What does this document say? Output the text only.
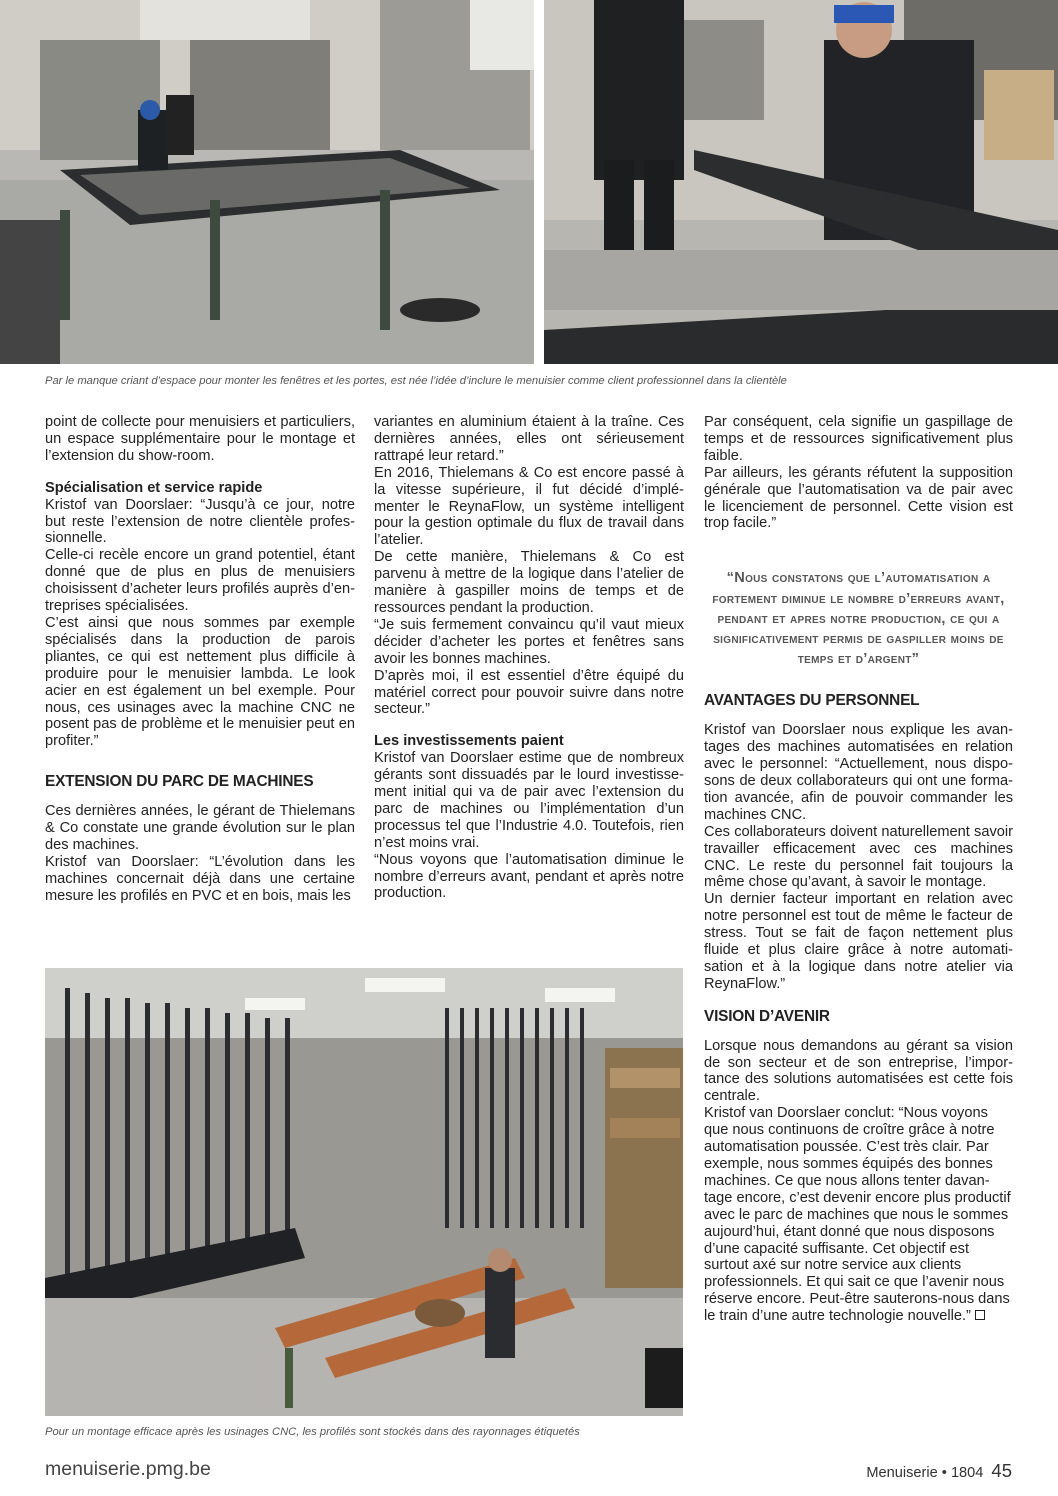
Par le manque criant d’espace pour monter les fenêtres et les portes, est née l’idée d’inclure le menuisier comme client professionnel dans la clientèle

point de collecte pour menuisiers et particuliers, un espace supplémentaire pour le montage et l’extension du show-room.

Spécialisation et service rapide

Kristof van Doorslaer: “Jusqu’à ce jour, notre but reste l’extension de notre clientèle professionnelle.

Celle-ci recèle encore un grand potentiel, étant donné que de plus en plus de menuisiers choisissent d’acheter leurs profilés auprès d’entreprises spécialisées.

C’est ainsi que nous sommes par exemple spécialisés dans la production de parois pliantes, ce qui est nettement plus difficile à produire pour le menuisier lambda. Le look acier en est également un bel exemple. Pour nous, ces usinages avec la machine CNC ne posent pas de problème et le menuisier peut en profiter.”

EXTENSION DU PARC DE MACHINES

Ces dernières années, le gérant de Thielemans & Co constate une grande évolution sur le plan des machines.

Kristof van Doorslaer: “L’évolution dans les machines concernait déjà dans une certaine mesure les profilés en PVC et en bois, mais les

variantes en aluminium étaient à la traîne. Ces dernières années, elles ont sérieusement rattrapé leur retard.”

En 2016, Thielemans & Co est encore passé à la vitesse supérieure, il fut décidé d’implémenter le ReynaFlow, un système intelligent pour la gestion optimale du flux de travail dans l’atelier.

De cette manière, Thielemans & Co est parvenu à mettre de la logique dans l’atelier de manière à gaspiller moins de temps et de ressources pendant la production.

“Je suis fermement convaincu qu’il vaut mieux décider d’acheter les portes et fenêtres sans avoir les bonnes machines.

D’après moi, il est essentiel d’être équipé du matériel correct pour pouvoir suivre dans notre secteur.”

Les investissements paient

Kristof van Doorslaer estime que de nombreux gérants sont dissuadés par le lourd investissement initial qui va de pair avec l’extension du parc de machines ou l’implémentation d’un processus tel que l’Industrie 4.0. Toutefois, rien n’est moins vrai.

“Nous voyons que l’automatisation diminue le nombre d’erreurs avant, pendant et après notre production.

Pour un montage efficace après les usinages CNC, les profilés sont stockés dans des rayonnages étiquetés

Par conséquent, cela signifie un gaspillage de temps et de ressources significativement plus faible.

Par ailleurs, les gérants réfutent la supposition générale que l’automatisation va de pair avec le licenciement de personnel. Cette vision est trop facile.”

“Nous constatons que l’automatisation a fortement diminue le nombre d’erreurs avant, pendant et apres notre production, ce qui a significativement permis de gaspiller moins de temps et d’argent”

AVANTAGES DU PERSONNEL

Kristof van Doorslaer nous explique les avantages des machines automatisées en relation avec le personnel: “Actuellement, nous disposons de deux collaborateurs qui ont une formation avancée, afin de pouvoir commander les machines CNC.

Ces collaborateurs doivent naturellement savoir travailler efficacement avec ces machines CNC. Le reste du personnel fait toujours la même chose qu’avant, à savoir le montage.

Un dernier facteur important en relation avec notre personnel est tout de même le facteur de stress. Tout se fait de façon nettement plus fluide et plus claire grâce à notre automatisation et à la logique dans notre atelier via ReynaFlow.”

VISION D’AVENIR

Lorsque nous demandons au gérant sa vision de son secteur et de son entreprise, l’importance des solutions automatisées est cette fois centrale.

Kristof van Doorslaer conclut: “Nous voyons que nous continuons de croître grâce à notre automatisation poussée. C’est très clair. Par exemple, nous sommes équipés des bonnes machines. Ce que nous allons tenter davantage encore, c’est devenir encore plus productif avec le parc de machines que nous le sommes aujourd’hui, étant donné que nous disposons d’une capacité suffisante. Cet objectif est surtout axé sur notre service aux clients professionnels. Et qui sait ce que l’avenir nous réserve encore. Peut-être sauterons-nous dans le train d’une autre technologie nouvelle.”

menuiserie.pmg.be	Menuiserie • 1804 45
